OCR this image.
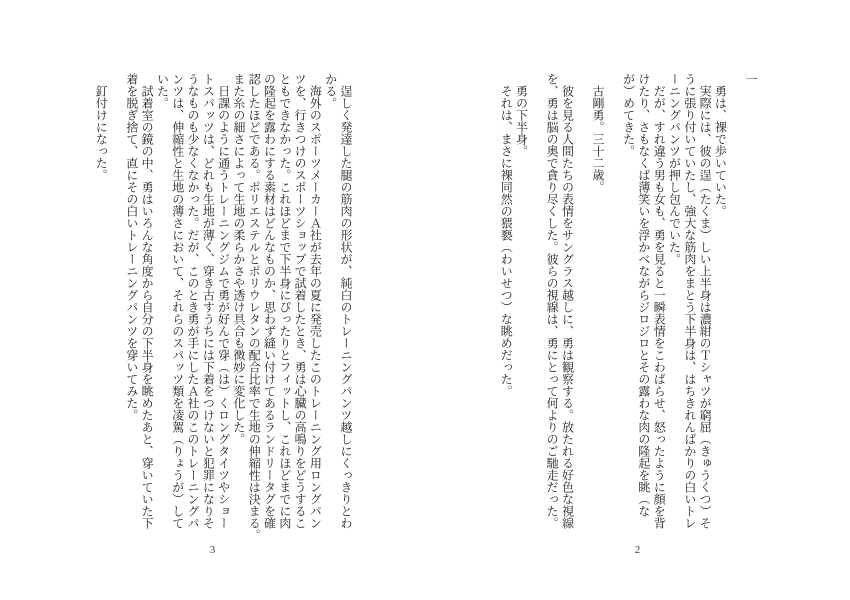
一

　勇は、裸で歩いていた。

　実際には、彼の逞（たくま）しい上半身は濃紺のＴシャツが窮屈（きゅうくつ）そ

うに張り付いていたし、強大な筋肉をまとう下半身は、はちきれんばかりの白いトレ

ーニングパンツが押し包んでいた。

　だが、すれ違う男も女も、勇を見ると一瞬表情をこわばらせ、怒ったように顔を背

けたり、さもなくば薄笑いを浮かべながらジロジロとその露わな肉の隆起を眺（な

が）めてきた。

　古剛勇。三十二歳。

　彼を見る人間たちの表情をサングラス越しに、勇は観察する。放たれる好色な視線

を、勇は脳の奥で貪り尽くした。彼らの視線は、勇にとって何よりのご馳走だった。

　勇の下半身。

　それは、まさに裸同然の猥褻（わいせつ）な眺めだった。

2

　逞しく発達した腿の筋肉の形状が、純白のトレーニングパンツ越しにくっきりとわ

かる。

　海外のスポーツメーカーＡ社が去年の夏に発売したこのトレーニング用ロングパン

ツを、行きつけのスポーツショップで試着したとき、勇は心臓の高鳴りをどうするこ

ともできなかった。これほどまで下半身にぴったりとフィットし、これほどまでに肉

の隆起を露わにする素材はどんなものか、思わず縫い付けてあるランドリータグを確

認したほどである。ポリエステルとポリウレタンの配合比率で生地の伸縮性は決まる。

また糸の細さによって生地の柔らかさや透け具合も微妙に変化した。

　日課のように通うトレーニングジムで勇が好んで穿（は）くロングタイツやショー

トスパッツは、どれも生地が薄く、穿き古すうちには下着をつけないと犯罪になりそ

うなものも少なくなかった。だが、このとき勇が手にしたＡ社のこのトレーニングパ

ンツは、伸縮性と生地の薄さにおいて、それらのスパッツ類を凌駕（りょうが）して

いた。

　試着室の鏡の中、勇はいろんな角度から自分の下半身を眺めたあと、穿いていた下

着を脱ぎ捨て、直にその白いトレーニングパンツを穿いてみた。

　釘付けになった。

3
